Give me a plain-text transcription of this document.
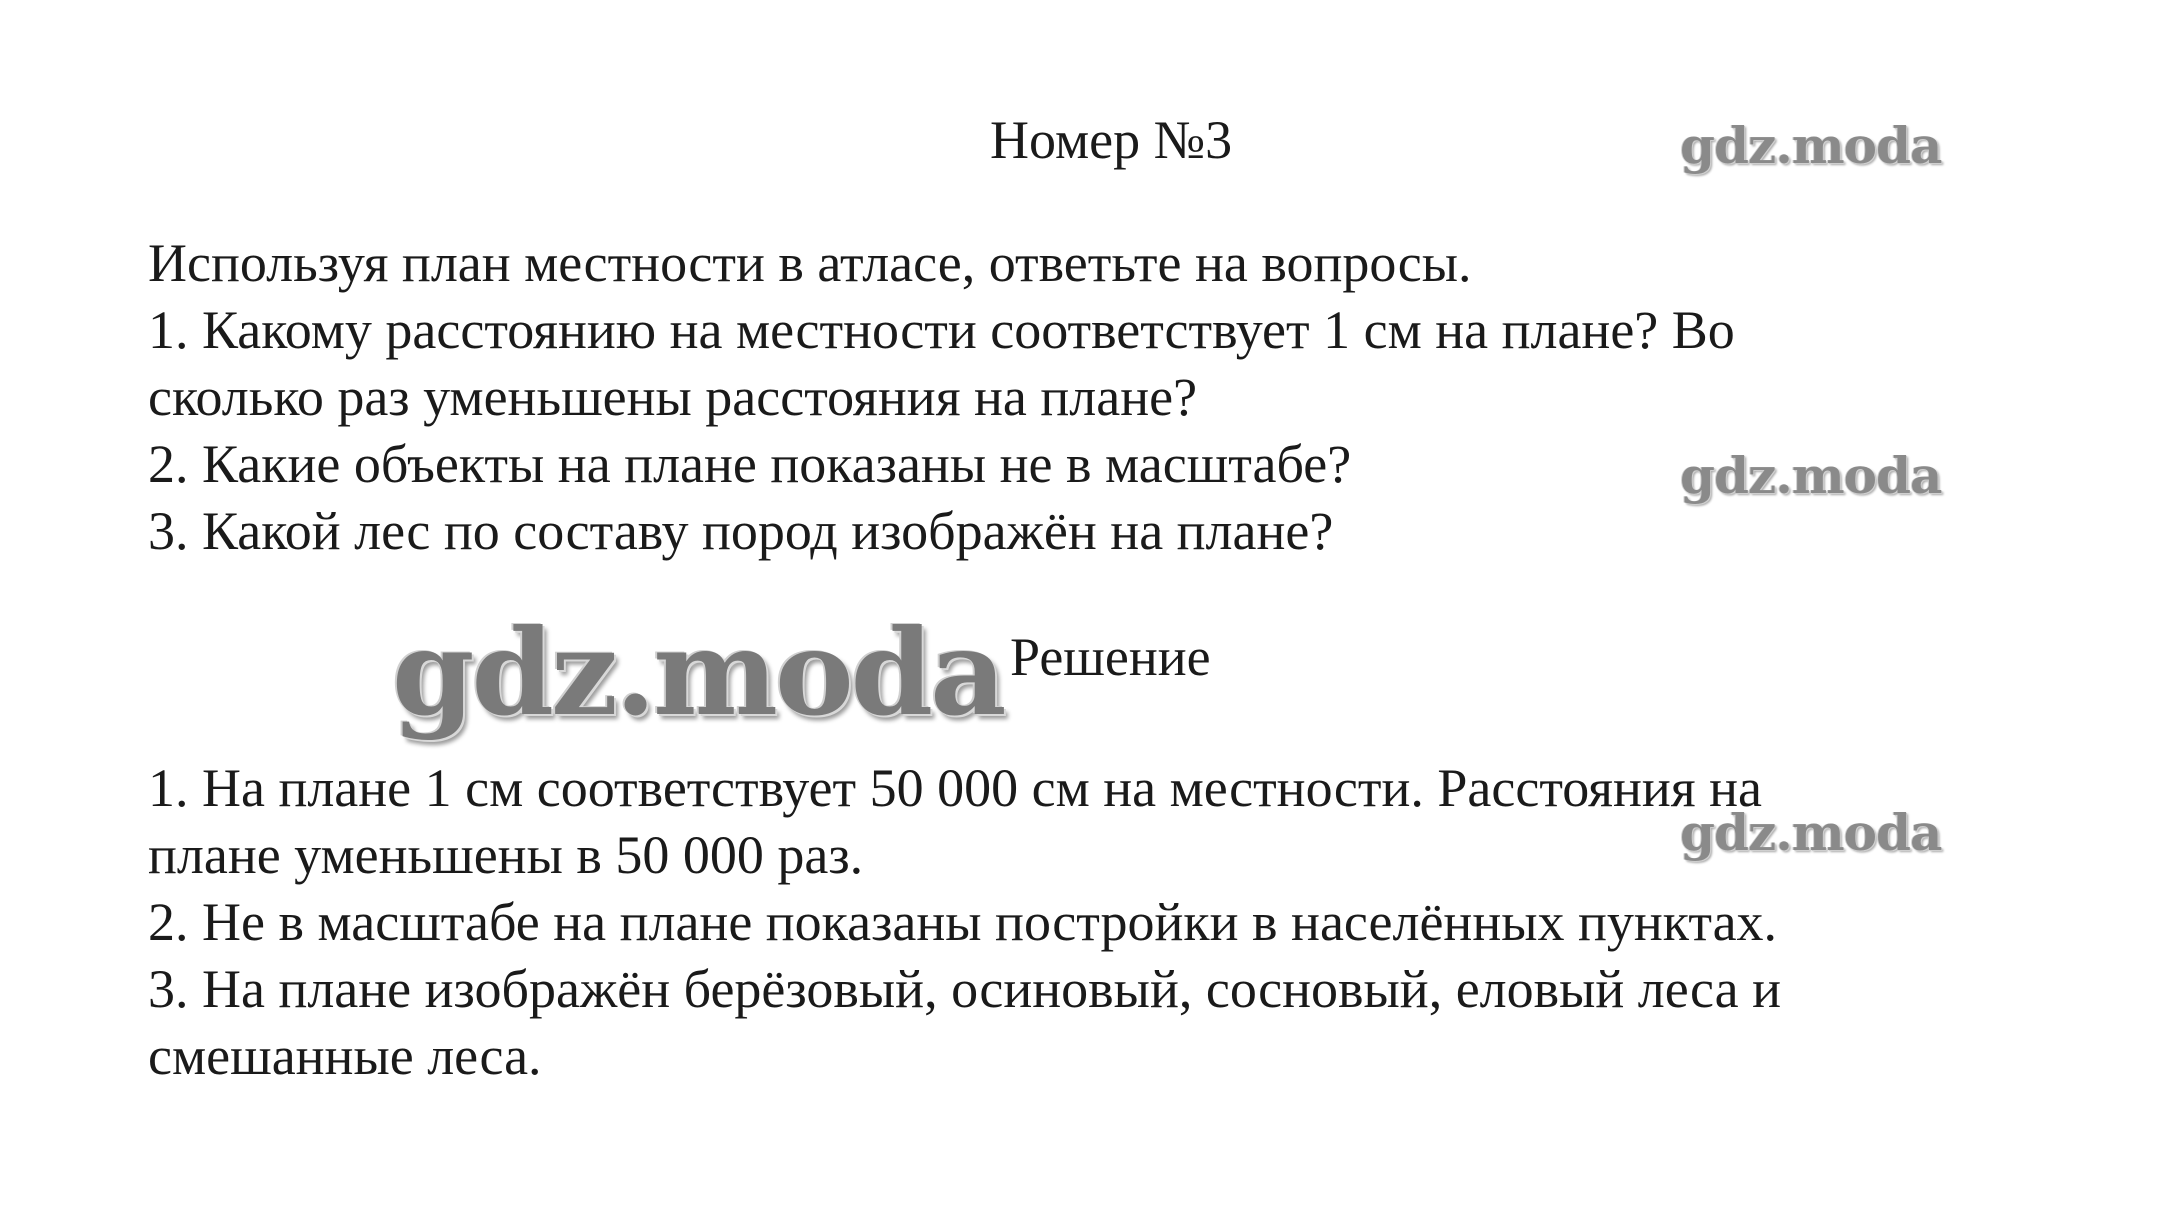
Номер №3
Используя план местности в атласе, ответьте на вопросы.
1. Какому расстоянию на местности соответствует 1 см на плане? Во
сколько раз уменьшены расстояния на плане?
2. Какие объекты на плане показаны не в масштабе?
3. Какой лес по составу пород изображён на плане?
Решение
1. На плане 1 см соответствует 50 000 см на местности. Расстояния на
плане уменьшены в 50 000 раз.
2. Не в масштабе на плане показаны постройки в населённых пунктах.
3. На плане изображён берёзовый, осиновый, сосновый, еловый леса и
смешанные леса.
gdz.moda
gdz.moda
gdz.moda
gdz.moda
